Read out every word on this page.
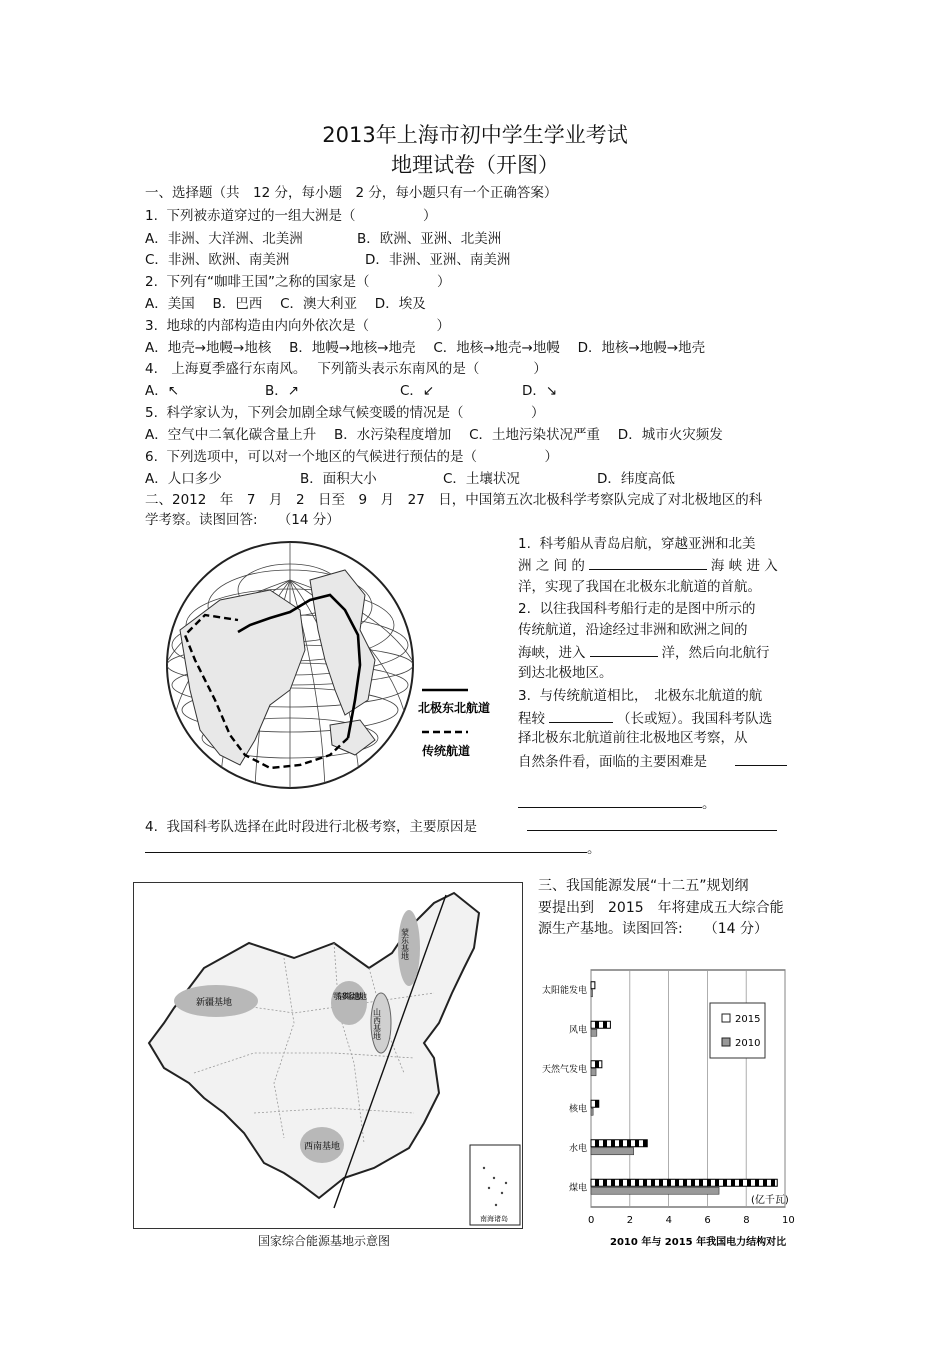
2013年上海市初中学生学业考试
地理试卷（开图）
一、选择题（共　12 分，每小题　2 分，每小题只有一个正确答案）
1.  下列被赤道穿过的一组大洲是（　　　　　）
A．非洲、大洋洲、北美洲	B．欧洲、亚洲、北美洲
C．非洲、欧洲、南美洲	D．非洲、亚洲、南美洲
2.  下列有“咖啡王国”之称的国家是（　　　　　）
A．美国　 B．巴西　 C．澳大利亚　 D．埃及
3.  地球的内部构造由内向外依次是（　　　　　）
A．地壳→地幔→地核　 B．地幔→地核→地壳　 C．地核→地壳→地幔　 D．地核→地幔→地壳
4.　上海夏季盛行东南风。　 下列箭头表示东南风的是（　　　　）
A．↖	B．↗	C．↙	D．↘
5.  科学家认为，下列会加剧全球气候变暖的情况是（　　　　　）
A．空气中二氧化碳含量上升　 B．水污染程度增加　 C．土地污染状况严重　 D．城市火灾频发
6.  下列选项中，可以对一个地区的气候进行预估的是（　　　　　）
A．人口多少	B．面积大小	C．土壤状况	D．纬度高低
二、2012　年　7　月　2　日至　9　月　27　日，中国第五次北极科学考察队完成了对北极地区的科
学考察。读图回答:　　（14 分）
北极东北航道
传统航道
1.  科考船从青岛启航，穿越亚洲和北美
洲 之 间 的	海 峡 进 入
洋，实现了我国在北极东北航道的首航。
2.  以往我国科考船行走的是图中所示的
传统航道，沿途经过非洲和欧洲之间的
海峡，进入	洋，然后向北航行
到达北极地区。
3.  与传统航道相比，　北极东北航道的航
程较	（长或短）。我国科考队选
择北极东北航道前往北极地区考察，从
自然条件看，面临的主要困难是
。
4.  我国科考队选择在此时段进行北极考察，主要原因是
。
三、我国能源发展“十二五”规划纲
要提出到　2015　年将建成五大综合能
源生产基地。读图回答:　　（14 分）
新疆基地
鄂尔多斯盆地基地
山西基地
蒙东基地
西南基地
南海诸岛
国家综合能源基地示意图
太阳能发电
风电
天然气发电
核电
水电
煤电
0	2	4	6	8	10
2015
2010
(亿千瓦)
2010 年与 2015 年我国电力结构对比
